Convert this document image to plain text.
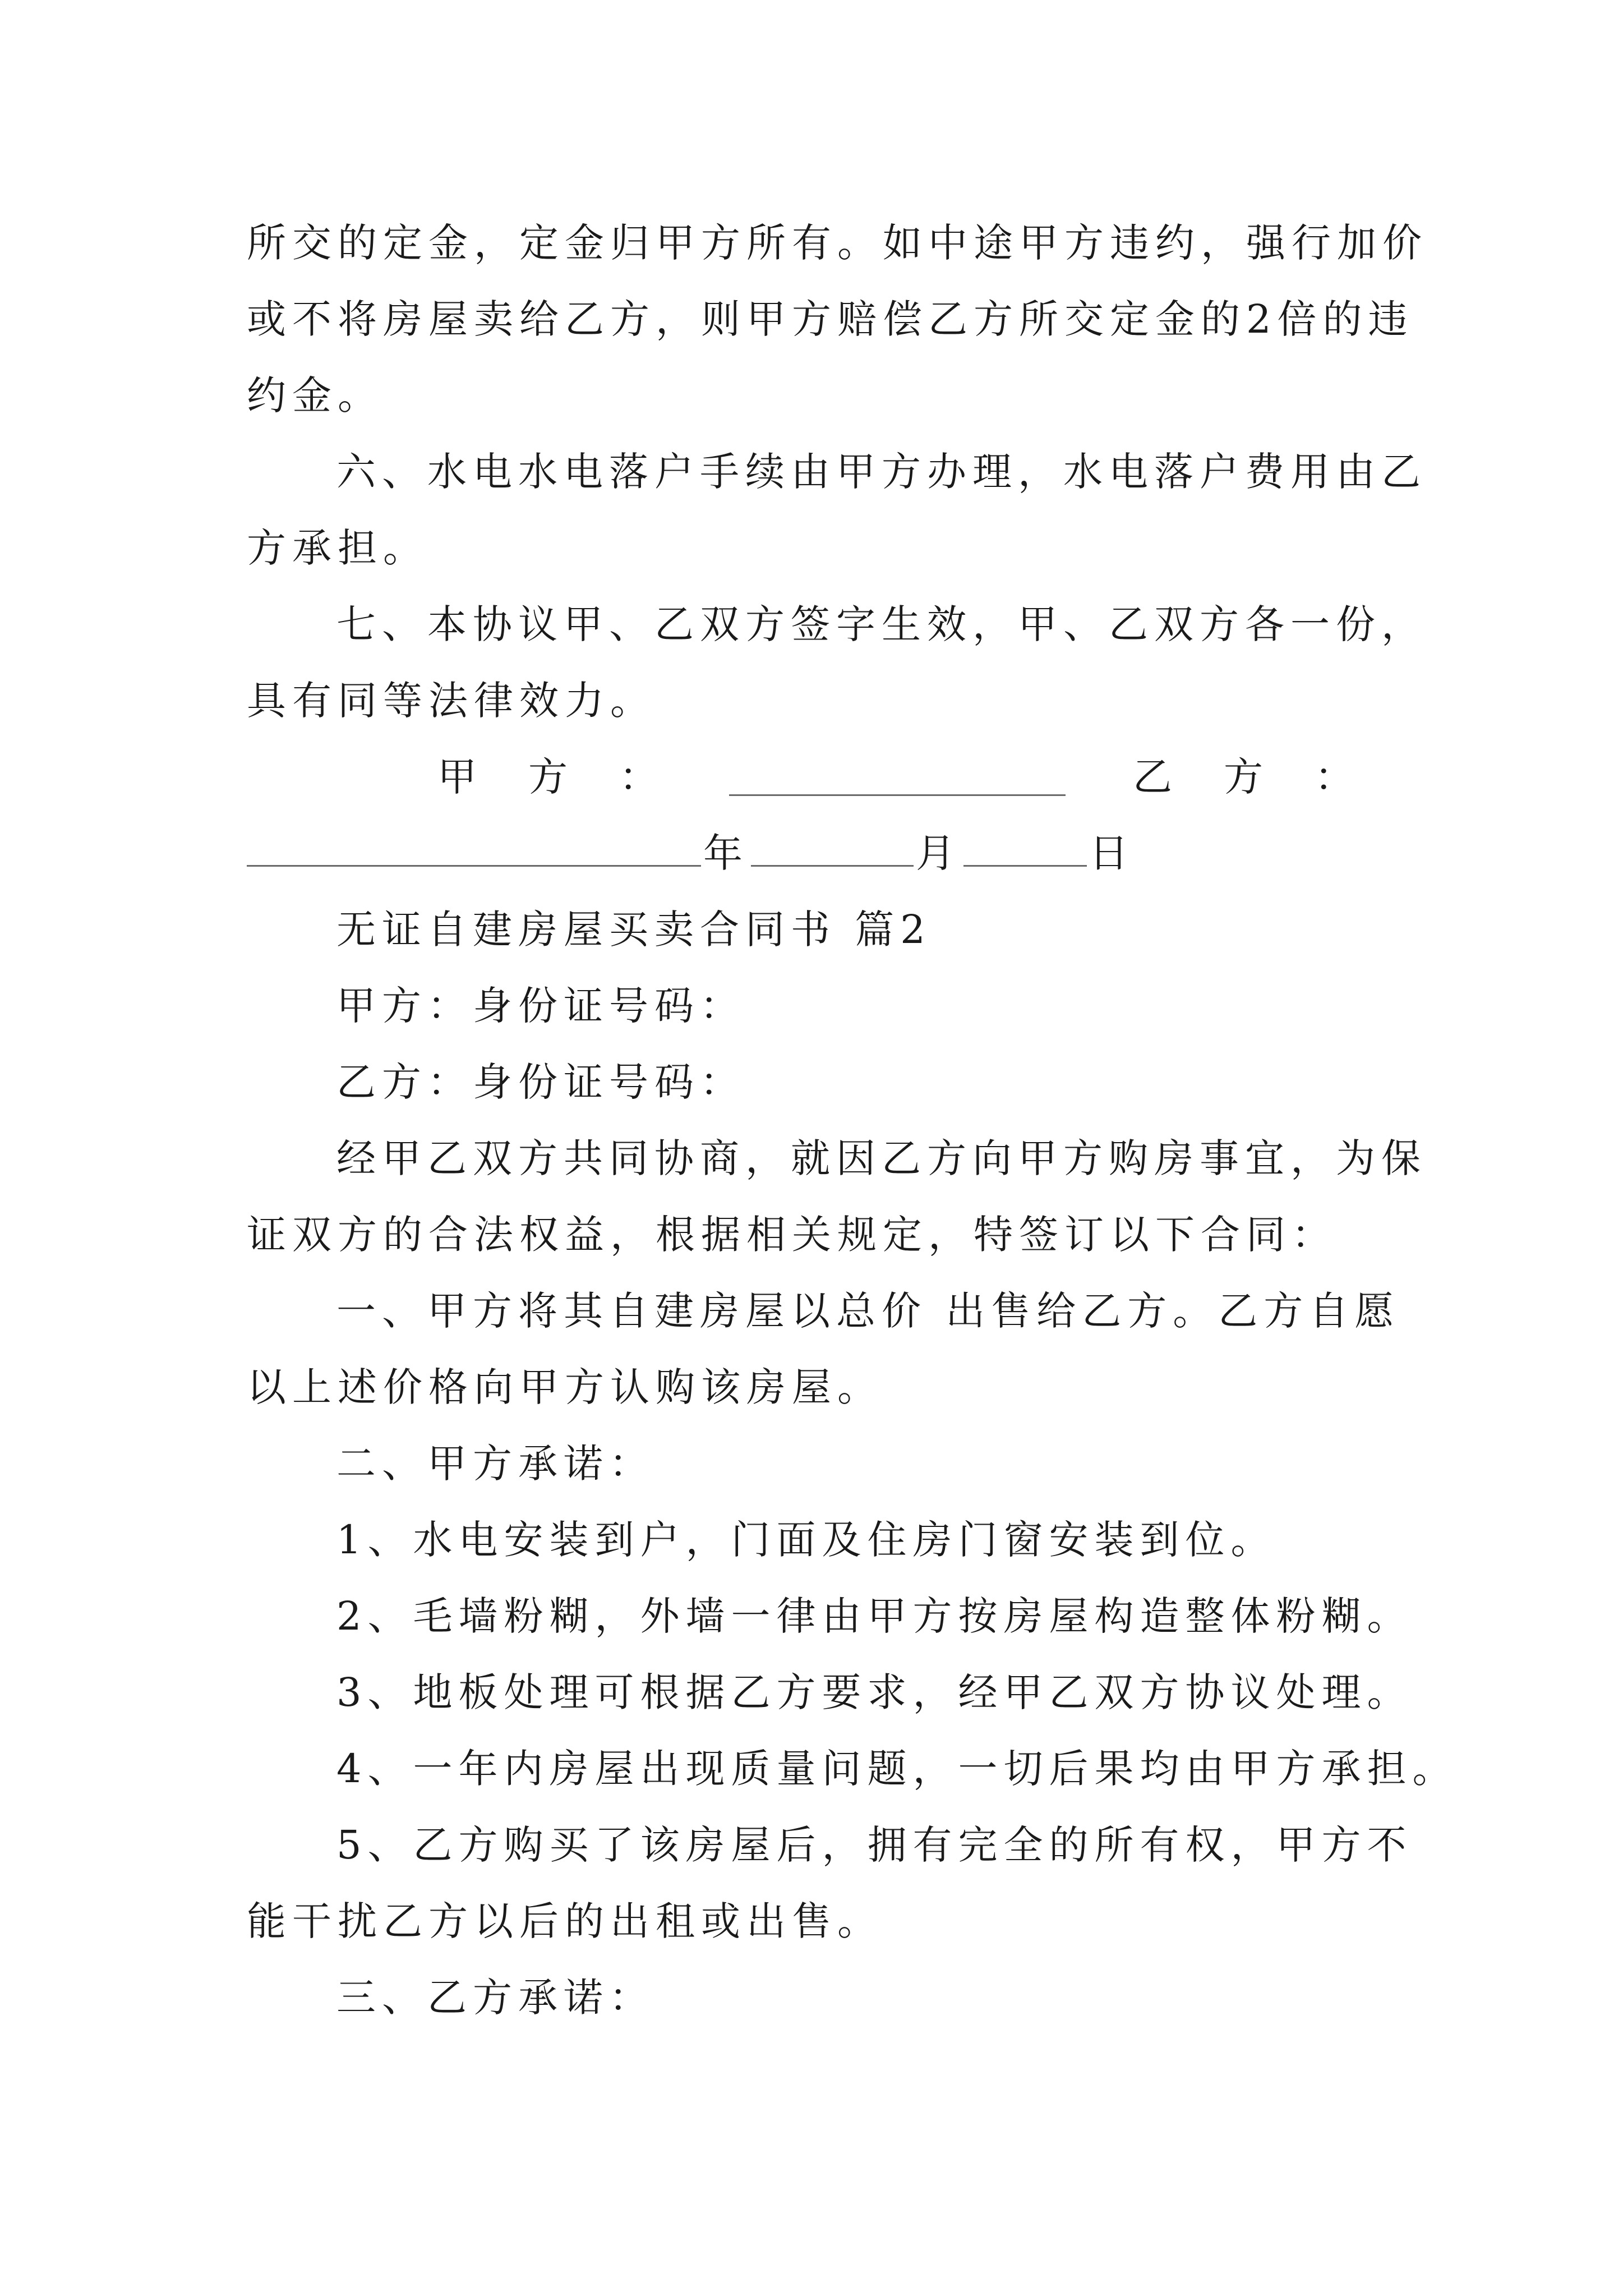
所交的定金，定金归甲方所有。如中途甲方违约，强行加价

或不将房屋卖给乙方，则甲方赔偿乙方所交定金的2倍的违

约金。

六、水电水电落户手续由甲方办理，水电落户费用由乙

方承担。

七、本协议甲、乙双方签字生效，甲、乙双方各一份，

具有同等法律效力。

甲　方　：	乙　方　：
年	月	日

无证自建房屋买卖合同书 篇2

甲方：身份证号码：

乙方：身份证号码：

经甲乙双方共同协商，就因乙方向甲方购房事宜，为保

证双方的合法权益，根据相关规定，特签订以下合同：

一、甲方将其自建房屋以总价 出售给乙方。乙方自愿

以上述价格向甲方认购该房屋。

二、甲方承诺：

1、水电安装到户，门面及住房门窗安装到位。

2、毛墙粉糊，外墙一律由甲方按房屋构造整体粉糊。

3、地板处理可根据乙方要求，经甲乙双方协议处理。

4、一年内房屋出现质量问题，一切后果均由甲方承担。

5、乙方购买了该房屋后，拥有完全的所有权，甲方不

能干扰乙方以后的出租或出售。

三、乙方承诺：
